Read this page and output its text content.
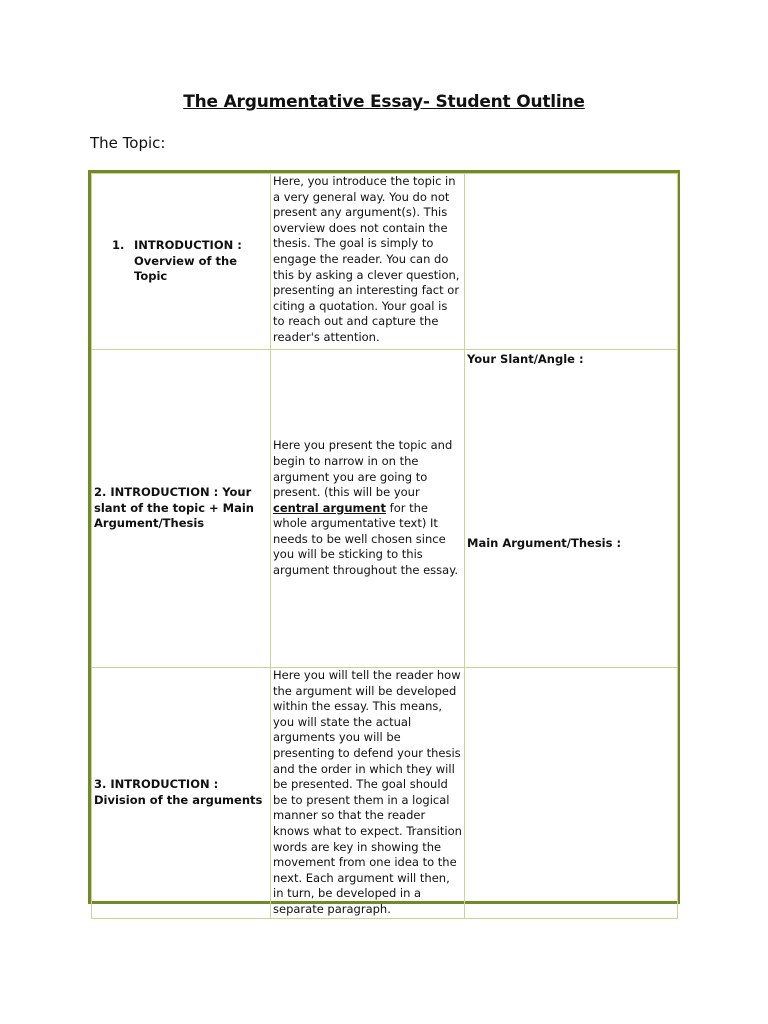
The Argumentative Essay- Student Outline
The Topic:
1. INTRODUCTION : Overview of the Topic	Here, you introduce the topic in a very general way. You do not present any argument(s). This overview does not contain the thesis. The goal is simply to engage the reader. You can do this by asking a clever question, presenting an interesting fact or citing a quotation. Your goal is to reach out and capture the reader's attention.	
2. INTRODUCTION : Your slant of the topic + Main Argument/Thesis	Here you present the topic and begin to narrow in on the argument you are going to present. (this will be your central argument for the whole argumentative text) It needs to be well chosen since you will be sticking to this argument throughout the essay.	Your Slant/Angle :
Main Argument/Thesis :

3. INTRODUCTION : Division of the arguments	Here you will tell the reader how the argument will be developed within the essay. This means, you will state the actual arguments you will be presenting to defend your thesis and the order in which they will be presented. The goal should be to present them in a logical manner so that the reader knows what to expect. Transition words are key in showing the movement from one idea to the next. Each argument will then, in turn, be developed in a separate paragraph.	
